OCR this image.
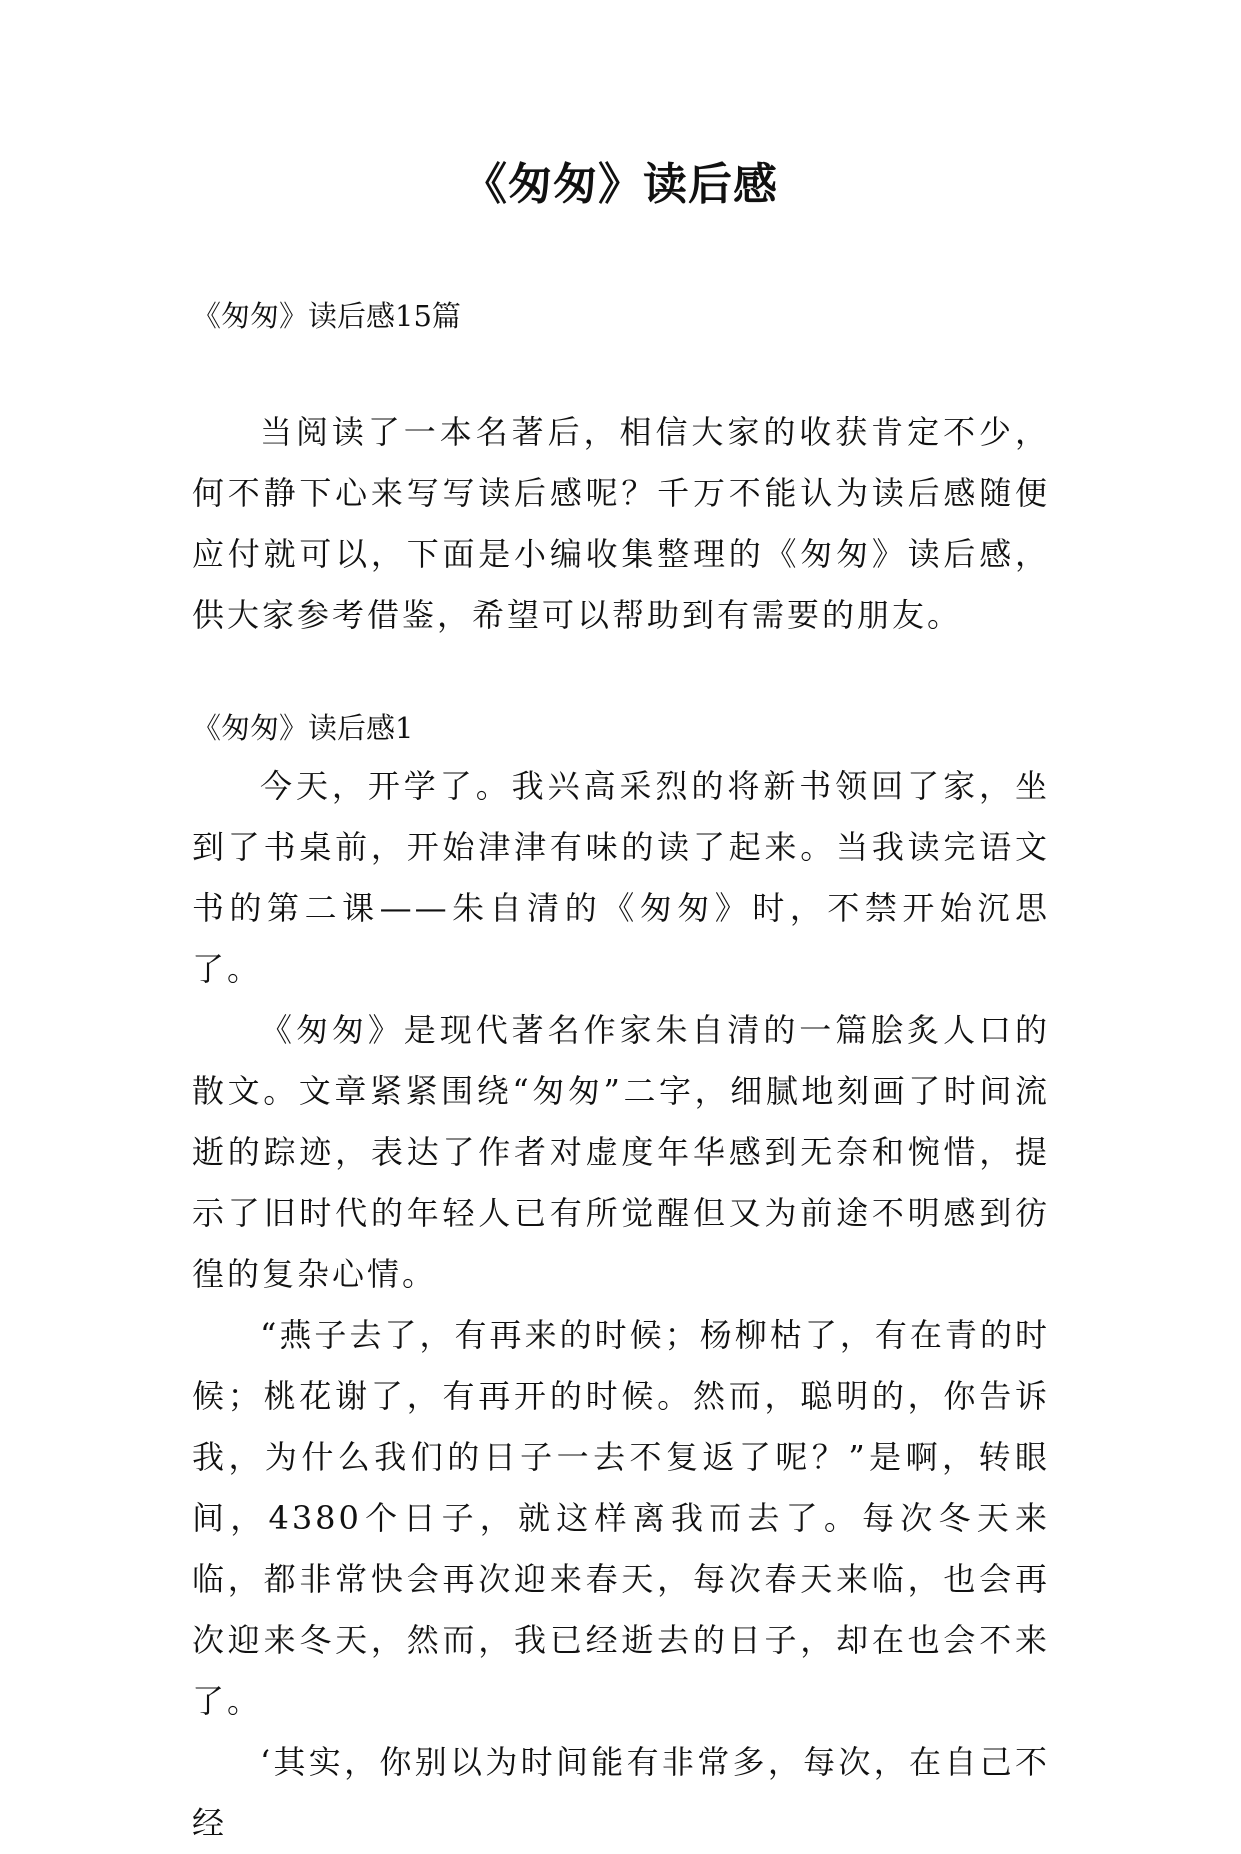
《匆匆》读后感
《匆匆》读后感15篇

当阅读了一本名著后，相信大家的收获肯定不少，何不静下心来写写读后感呢？千万不能认为读后感随便应付就可以，下面是小编收集整理的《匆匆》读后感，供大家参考借鉴，希望可以帮助到有需要的朋友。

《匆匆》读后感1

今天，开学了。我兴高采烈的将新书领回了家，坐到了书桌前，开始津津有味的读了起来。当我读完语文书的第二课——朱自清的《匆匆》时，不禁开始沉思了。

《匆匆》是现代著名作家朱自清的一篇脍炙人口的散文。文章紧紧围绕“匆匆”二字，细腻地刻画了时间流逝的踪迹，表达了作者对虚度年华感到无奈和惋惜，提示了旧时代的年轻人已有所觉醒但又为前途不明感到彷徨的复杂心情。

“燕子去了，有再来的时候；杨柳枯了，有在青的时候；桃花谢了，有再开的时候。然而，聪明的，你告诉我，为什么我们的日子一去不复返了呢？”是啊，转眼间，4380个日子，就这样离我而去了。每次冬天来临，都非常快会再次迎来春天，每次春天来临，也会再次迎来冬天，然而，我已经逝去的日子，却在也会不来了。

‘其实，你别以为时间能有非常多，每次，在自己不经
